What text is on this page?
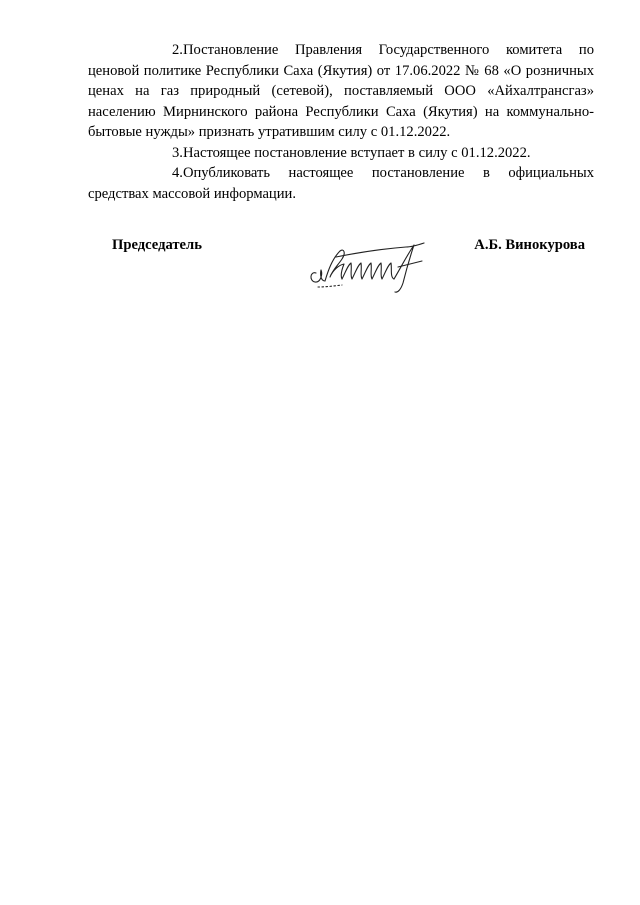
2.Постановление Правления Государственного комитета по ценовой политике Республики Саха (Якутия) от 17.06.2022 № 68 «О розничных ценах на газ природный (сетевой), поставляемый ООО «Айхалтрансгаз» населению Мирнинского района Республики Саха (Якутия) на коммунально-бытовые нужды» признать утратившим силу с 01.12.2022.

3.Настоящее постановление вступает в силу с 01.12.2022.

4.Опубликовать настоящее постановление в официальных средствах массовой информации.

Председатель	А.Б. Винокурова
